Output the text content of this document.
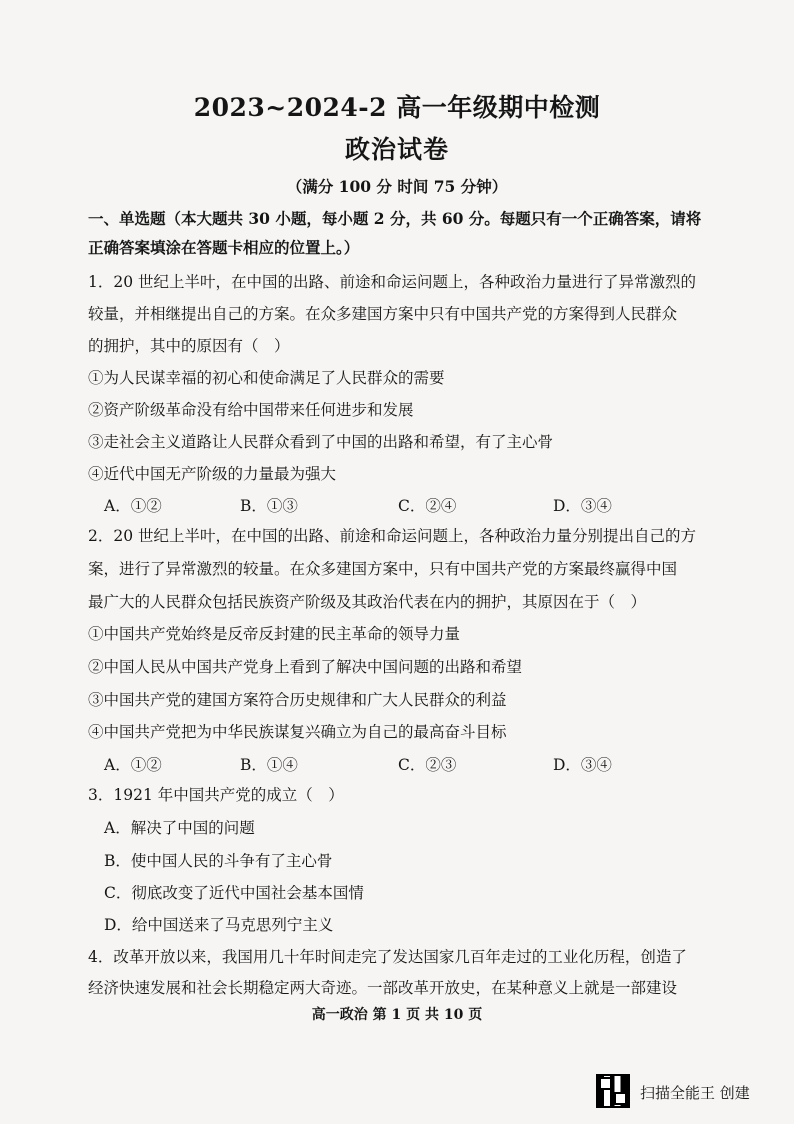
2023~2024-2 高一年级期中检测
政治试卷
（满分 100 分 时间 75 分钟）
一、单选题（本大题共 30 小题，每小题 2 分，共 60 分。每题只有一个正确答案，请将
正确答案填涂在答题卡相应的位置上。）
1．20 世纪上半叶，在中国的出路、前途和命运问题上，各种政治力量进行了异常激烈的
较量，并相继提出自己的方案。在众多建国方案中只有中国共产党的方案得到人民群众
的拥护，其中的原因有（　）
①为人民谋幸福的初心和使命满足了人民群众的需要
②资产阶级革命没有给中国带来任何进步和发展
③走社会主义道路让人民群众看到了中国的出路和希望，有了主心骨
④近代中国无产阶级的力量最为强大
A．①②	B．①③	C．②④	D．③④
2．20 世纪上半叶，在中国的出路、前途和命运问题上，各种政治力量分别提出自己的方
案，进行了异常激烈的较量。在众多建国方案中，只有中国共产党的方案最终赢得中国
最广大的人民群众包括民族资产阶级及其政治代表在内的拥护，其原因在于（　）
①中国共产党始终是反帝反封建的民主革命的领导力量
②中国人民从中国共产党身上看到了解决中国问题的出路和希望
③中国共产党的建国方案符合历史规律和广大人民群众的利益
④中国共产党把为中华民族谋复兴确立为自己的最高奋斗目标
A．①②	B．①④	C．②③	D．③④
3．1921 年中国共产党的成立（　）
A．解决了中国的问题
B．使中国人民的斗争有了主心骨
C．彻底改变了近代中国社会基本国情
D．给中国送来了马克思列宁主义
4．改革开放以来，我国用几十年时间走完了发达国家几百年走过的工业化历程，创造了
经济快速发展和社会长期稳定两大奇迹。一部改革开放史，在某种意义上就是一部建设
高一政治 第 1 页 共 10 页
扫描全能王 创建
